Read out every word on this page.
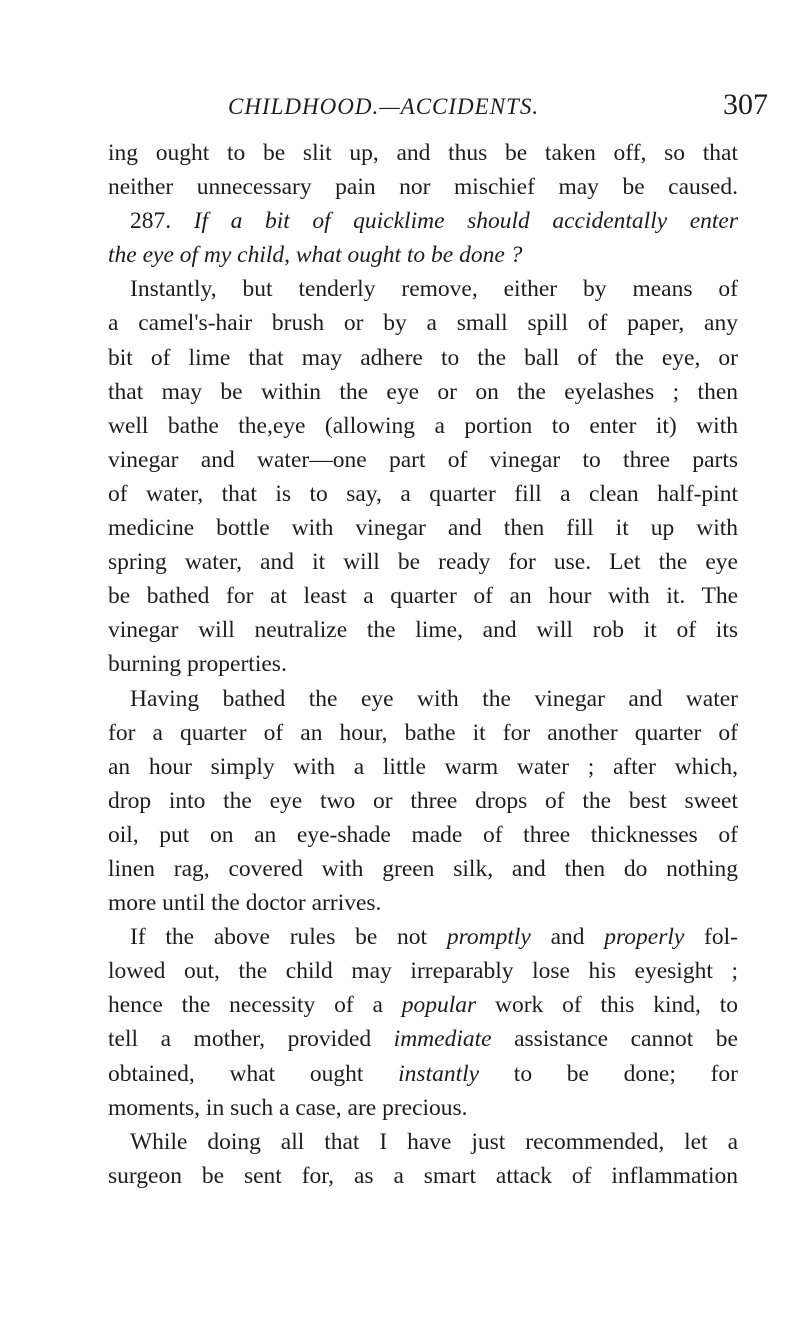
CHILDHOOD.—ACCIDENTS.	307
ing ought to be slit up, and thus be taken off, so that
neither unnecessary pain nor mischief may be caused.
287. If a bit of quicklime should accidentally enter
the eye of my child, what ought to be done ?
Instantly, but tenderly remove, either by means of
a camel's-hair brush or by a small spill of paper, any
bit of lime that may adhere to the ball of the eye, or
that may be within the eye or on the eyelashes ; then
well bathe the,eye (allowing a portion to enter it) with
vinegar and water—one part of vinegar to three parts
of water, that is to say, a quarter fill a clean half-pint
medicine bottle with vinegar and then fill it up with
spring water, and it will be ready for use. Let the eye
be bathed for at least a quarter of an hour with it. The
vinegar will neutralize the lime, and will rob it of its
burning properties.
Having bathed the eye with the vinegar and water
for a quarter of an hour, bathe it for another quarter of
an hour simply with a little warm water ; after which,
drop into the eye two or three drops of the best sweet
oil, put on an eye-shade made of three thicknesses of
linen rag, covered with green silk, and then do nothing
more until the doctor arrives.
If the above rules be not promptly and properly fol-
lowed out, the child may irreparably lose his eyesight ;
hence the necessity of a popular work of this kind, to
tell a mother, provided immediate assistance cannot be
obtained, what ought instantly to be done; for
moments, in such a case, are precious.
While doing all that I have just recommended, let a
surgeon be sent for, as a smart attack of inflammation
